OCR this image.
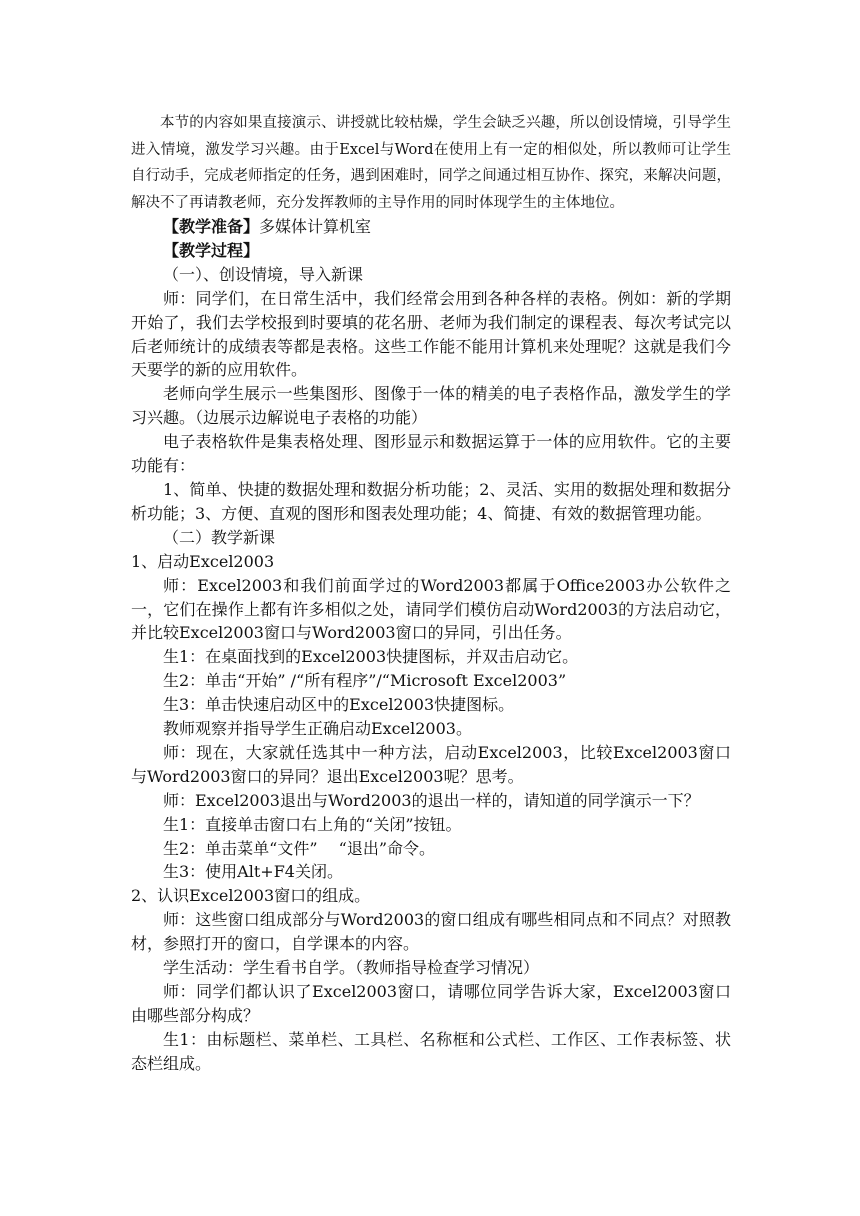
本节的内容如果直接演示、讲授就比较枯燥，学生会缺乏兴趣，所以创设情境，引导学生进入情境，激发学习兴趣。由于Excel与Word在使用上有一定的相似处，所以教师可让学生自行动手，完成老师指定的任务，遇到困难时，同学之间通过相互协作、探究，来解决问题，解决不了再请教老师，充分发挥教师的主导作用的同时体现学生的主体地位。

【教学准备】多媒体计算机室

【教学过程】

（一）、创设情境，导入新课

师：同学们，在日常生活中，我们经常会用到各种各样的表格。例如：新的学期开始了，我们去学校报到时要填的花名册、老师为我们制定的课程表、每次考试完以后老师统计的成绩表等都是表格。这些工作能不能用计算机来处理呢？这就是我们今天要学的新的应用软件。

老师向学生展示一些集图形、图像于一体的精美的电子表格作品，激发学生的学习兴趣。（边展示边解说电子表格的功能）

电子表格软件是集表格处理、图形显示和数据运算于一体的应用软件。它的主要功能有：

1、简单、快捷的数据处理和数据分析功能；2、灵活、实用的数据处理和数据分析功能；3、方便、直观的图形和图表处理功能；4、简捷、有效的数据管理功能。

（二）教学新课

1、启动Excel2003

师：Excel2003和我们前面学过的Word2003都属于Office2003办公软件之一，它们在操作上都有许多相似之处，请同学们模仿启动Word2003的方法启动它，并比较Excel2003窗口与Word2003窗口的异同，引出任务。

生1：在桌面找到的Excel2003快捷图标，并双击启动它。

生2：单击“开始” /“所有程序”/“Microsoft Excel2003”

生3：单击快速启动区中的Excel2003快捷图标。

教师观察并指导学生正确启动Excel2003。

师：现在，大家就任选其中一种方法，启动Excel2003，比较Excel2003窗口与Word2003窗口的异同？退出Excel2003呢？思考。

师：Excel2003退出与Word2003的退出一样的，请知道的同学演示一下？

生1：直接单击窗口右上角的“关闭”按钮。

生2：单击菜单“文件”　 “退出”命令。

生3：使用Alt+F4关闭。

2、认识Excel2003窗口的组成。

师：这些窗口组成部分与Word2003的窗口组成有哪些相同点和不同点？对照教材，参照打开的窗口，自学课本的内容。

学生活动：学生看书自学。（教师指导检查学习情况）

师：同学们都认识了Excel2003窗口，请哪位同学告诉大家，Excel2003窗口由哪些部分构成？

生1：由标题栏、菜单栏、工具栏、名称框和公式栏、工作区、工作表标签、状态栏组成。
